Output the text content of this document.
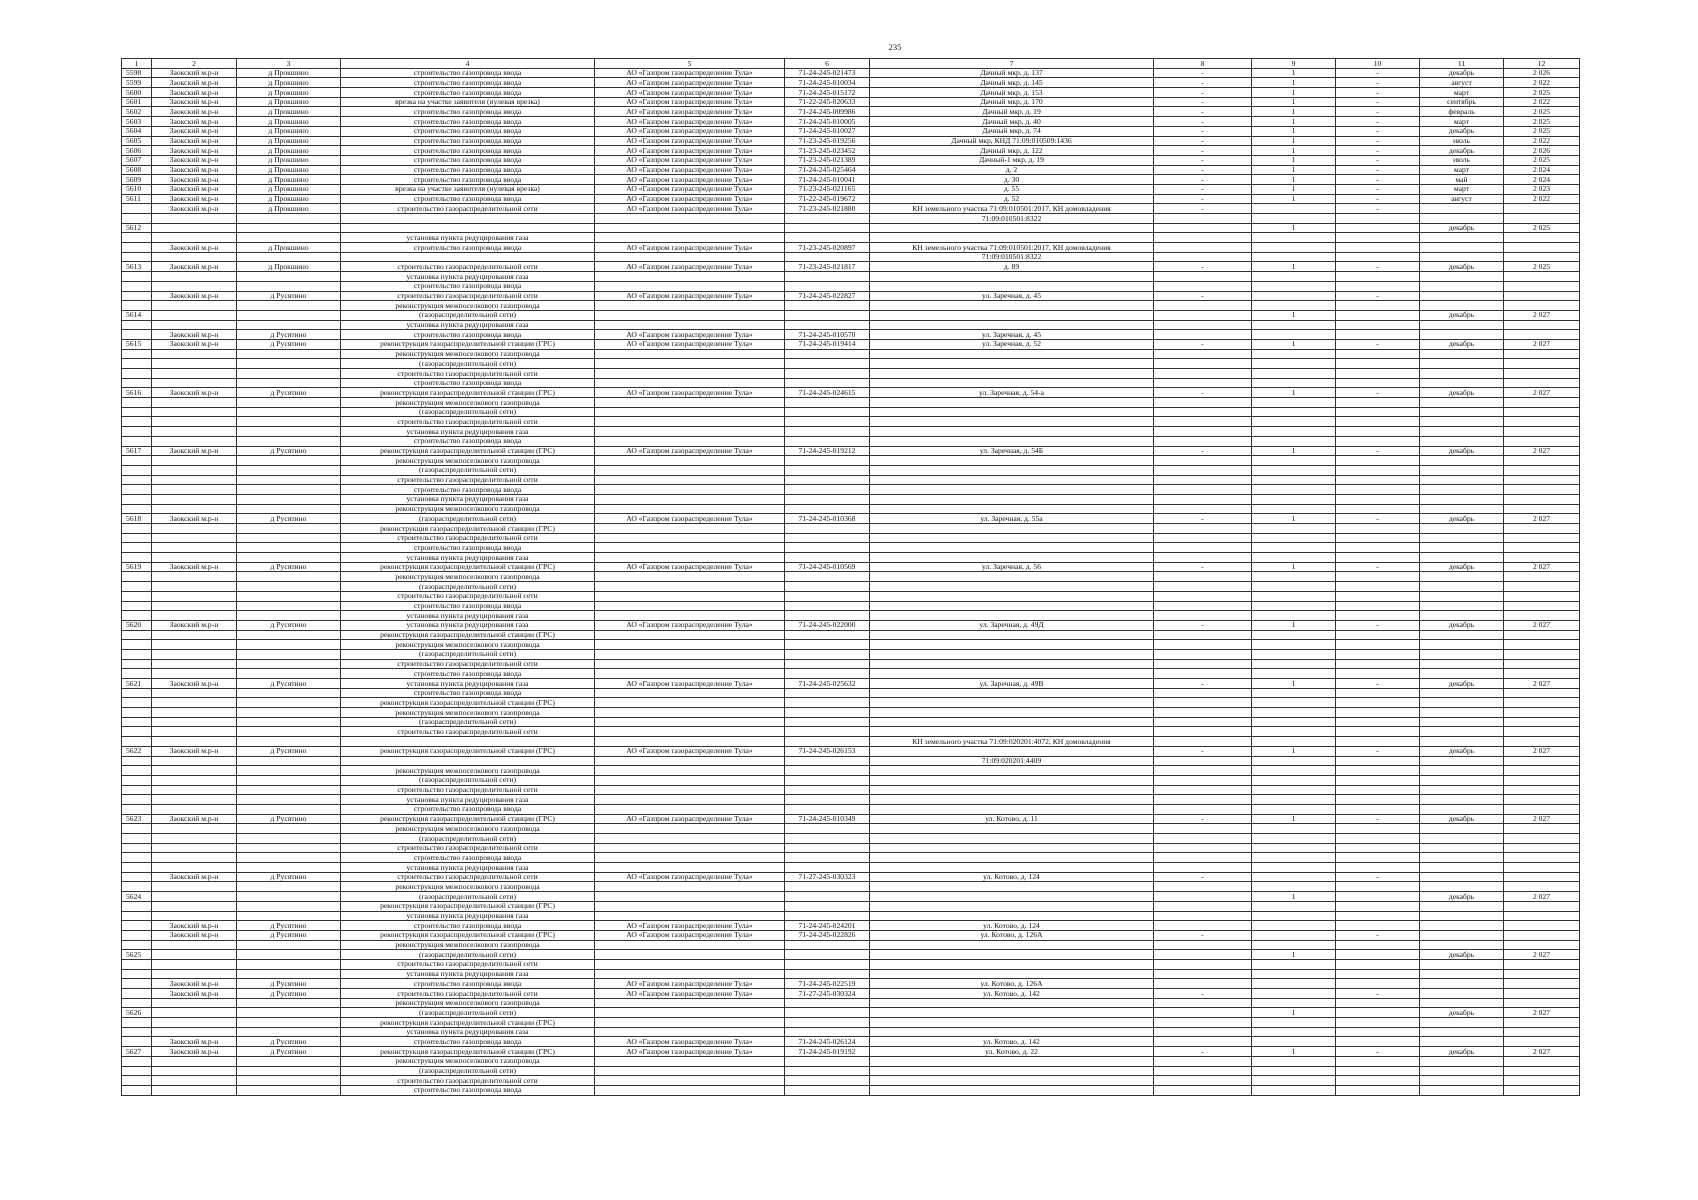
235
1	2	3	4	5	6	7	8	9	10	11	12
5598	Заокский м.р-н	д Прокшино	строительство газопровода ввода	АО «Газпром газораспределение Тула»	71-24-245-021473	Дачный мкр, д. 137	-	1	-	декабрь	2 026
5599	Заокский м.р-н	д Прокшино	строительство газопровода ввода	АО «Газпром газораспределение Тула»	71-24-245-010034	Дачный мкр, д. 145	-	1	-	август	2 022
5600	Заокский м.р-н	д Прокшино	строительство газопровода ввода	АО «Газпром газораспределение Тула»	71-24-245-015172	Дачный мкр, д. 153	-	1	-	март	2 025
5601	Заокский м.р-н	д Прокшино	врезка на участке заявителя (нулевая врезка)	АО «Газпром газораспределение Тула»	71-22-245-020633	Дачный мкр, д. 170	-	1	-	сентябрь	2 022
5602	Заокский м.р-н	д Прокшино	строительство газопровода ввода	АО «Газпром газораспределение Тула»	71-24-245-009986	Дачный мкр, д. 19	-	1	-	февраль	2 025
5603	Заокский м.р-н	д Прокшино	строительство газопровода ввода	АО «Газпром газораспределение Тула»	71-24-245-010005	Дачный мкр, д. 40	-	1	-	март	2 025
5604	Заокский м.р-н	д Прокшино	строительство газопровода ввода	АО «Газпром газораспределение Тула»	71-24-245-010027	Дачный мкр, д. 74	-	1	-	декабрь	2 025
5605	Заокский м.р-н	д Прокшино	строительство газопровода ввода	АО «Газпром газораспределение Тула»	71-23-245-019256	Дачный мкр, КНД 71:09:010509:1436	-	1	-	июль	2 022
5606	Заокский м.р-н	д Прокшино	строительство газопровода ввода	АО «Газпром газораспределение Тула»	71-23-245-023452	Дачный мкр, д. 122	-	1	-	декабрь	2 026
5607	Заокский м.р-н	д Прокшино	строительство газопровода ввода	АО «Газпром газораспределение Тула»	71-23-245-021389	Дачный-1 мкр, д. 19	-	1	-	июль	2 025
5608	Заокский м.р-н	д Прокшино	строительство газопровода ввода	АО «Газпром газораспределение Тула»	71-24-245-025464	д. 2	-	1	-	март	2 024
5609	Заокский м.р-н	д Прокшино	строительство газопровода ввода	АО «Газпром газораспределение Тула»	71-24-245-010041	д. 30	-	1	-	май	2 024
5610	Заокский м.р-н	д Прокшино	врезка на участке заявителя (нулевая врезка)	АО «Газпром газораспределение Тула»	71-23-245-021165	д. 55	-	1	-	март	2 023
5611	Заокский м.р-н	д Прокшино	строительство газопровода ввода	АО «Газпром газораспределение Тула»	71-22-245-019672	д. 52	-	1	-	август	2 022
	Заокский м.р-н	д Прокшино	строительство газораспределительной сети	АО «Газпром газораспределение Тула»	71-23-245-021880	КН земельного участка 71:09:010501:2017, КН домовладения	-		-		
						71:09:010501:8322					
5612								1		декабрь	2 025
			установка пункта редуцирования газа								
	Заокский м.р-н	д Прокшино	строительство газопровода ввода	АО «Газпром газораспределение Тула»	71-23-245-020897	КН земельного участка 71:09:010501:2017, КН домовладения					
						71:09:010501:8322					
5613	Заокский м.р-н	д Прокшино	строительство газораспределительной сети	АО «Газпром газораспределение Тула»	71-23-245-021817	д. 89	-	1	-	декабрь	2 025
			установка пункта редуцирования газа								
			строительство газопровода ввода								
	Заокский м.р-н	д Русятино	строительство газораспределительной сети	АО «Газпром газораспределение Тула»	71-24-245-022827	ул. Заречная, д. 45	-		-		
			реконструкция межпоселкового газопровода								
5614			(газораспределительной сети)					1		декабрь	2 027
			установка пункта редуцирования газа								
	Заокский м.р-н	д Русятино	строительство газопровода ввода	АО «Газпром газораспределение Тула»	71-24-245-010570	ул. Заречная, д. 45					
5615	Заокский м.р-н	д Русятино	реконструкция газораспределительной станции (ГРС)	АО «Газпром газораспределение Тула»	71-24-245-019414	ул. Заречная, д. 52	-	1	-	декабрь	2 027
			реконструкция межпоселкового газопровода								
			(газораспределительной сети)								
			строительство газораспределительной сети								
			строительство газопровода ввода								
5616	Заокский м.р-н	д Русятино	реконструкция газораспределительной станции (ГРС)	АО «Газпром газораспределение Тула»	71-24-245-024615	ул. Заречная, д. 54-а	-	1	-	декабрь	2 027
			реконструкция межпоселкового газопровода								
			(газораспределительной сети)								
			строительство газораспределительной сети								
			установка пункта редуцирования газа								
			строительство газопровода ввода								
5617	Заокский м.р-н	д Русятино	реконструкция газораспределительной станции (ГРС)	АО «Газпром газораспределение Тула»	71-24-245-019212	ул. Заречная, д. 54Б	-	1	-	декабрь	2 027
			реконструкция межпоселкового газопровода								
			(газораспределительной сети)								
			строительство газораспределительной сети								
			строительство газопровода ввода								
			установка пункта редуцирования газа								
			реконструкция межпоселкового газопровода								
5618	Заокский м.р-н	д Русятино	(газораспределительной сети)	АО «Газпром газораспределение Тула»	71-24-245-010368	ул. Заречная, д. 55а	-	1	-	декабрь	2 027
			реконструкция газораспределительной станции (ГРС)								
			строительство газораспределительной сети								
			строительство газопровода ввода								
			установка пункта редуцирования газа								
5619	Заокский м.р-н	д Русятино	реконструкция газораспределительной станции (ГРС)	АО «Газпром газораспределение Тула»	71-24-245-010569	ул. Заречная, д. 56	-	1	-	декабрь	2 027
			реконструкция межпоселкового газопровода								
			(газораспределительной сети)								
			строительство газораспределительной сети								
			строительство газопровода ввода								
			установка пункта редуцирования газа								
5620	Заокский м.р-н	д Русятино	установка пункта редуцирования газа	АО «Газпром газораспределение Тула»	71-24-245-022000	ул. Заречная, д. 49Д	-	1	-	декабрь	2 027
			реконструкция газораспределительной станции (ГРС)								
			реконструкция межпоселкового газопровода								
			(газораспределительной сети)								
			строительство газораспределительной сети								
			строительство газопровода ввода								
5621	Заокский м.р-н	д Русятино	установка пункта редуцирования газа	АО «Газпром газораспределение Тула»	71-24-245-025632	ул. Заречная, д. 49В	-	1	-	декабрь	2 027
			строительство газопровода ввода								
			реконструкция газораспределительной станции (ГРС)								
			реконструкция межпоселкового газопровода								
			(газораспределительной сети)								
			строительство газораспределительной сети								
						КН земельного участка 71:09:020201:4072, КН домовладения					
5622	Заокский м.р-н	д Русятино	реконструкция газораспределительной станции (ГРС)	АО «Газпром газораспределение Тула»	71-24-245-026153		-	1	-	декабрь	2 027
						71:09:020201:4409					
			реконструкция межпоселкового газопровода								
			(газораспределительной сети)								
			строительство газораспределительной сети								
			установка пункта редуцирования газа								
			строительство газопровода ввода								
5623	Заокский м.р-н	д Русятино	реконструкция газораспределительной станции (ГРС)	АО «Газпром газораспределение Тула»	71-24-245-010349	ул. Котово, д. 11	-	1	-	декабрь	2 027
			реконструкция межпоселкового газопровода								
			(газораспределительной сети)								
			строительство газораспределительной сети								
			строительство газопровода ввода								
			установка пункта редуцирования газа								
	Заокский м.р-н	д Русятино	строительство газораспределительной сети	АО «Газпром газораспределение Тула»	71-27-245-030323	ул. Котово, д. 124	-		-		
			реконструкция межпоселкового газопровода								
5624			(газораспределительной сети)					1		декабрь	2 027
			реконструкция газораспределительной станции (ГРС)								
			установка пункта редуцирования газа								
	Заокский м.р-н	д Русятино	строительство газопровода ввода	АО «Газпром газораспределение Тула»	71-24-245-024201	ул. Котово, д. 124					
	Заокский м.р-н	д Русятино	реконструкция газораспределительной станции (ГРС)	АО «Газпром газораспределение Тула»	71-24-245-022826	ул. Котово, д. 126А	-		-		
			реконструкция межпоселкового газопровода								
5625			(газораспределительной сети)					1		декабрь	2 027
			строительство газораспределительной сети								
			установка пункта редуцирования газа								
	Заокский м.р-н	д Русятино	строительство газопровода ввода	АО «Газпром газораспределение Тула»	71-24-245-022519	ул. Котово, д. 126А					
	Заокский м.р-н	д Русятино	строительство газораспределительной сети	АО «Газпром газораспределение Тула»	71-27-245-030324	ул. Котово, д. 142	-		-		
			реконструкция межпоселкового газопровода								
5626			(газораспределительной сети)					1		декабрь	2 027
			реконструкция газораспределительной станции (ГРС)								
			установка пункта редуцирования газа								
	Заокский м.р-н	д Русятино	строительство газопровода ввода	АО «Газпром газораспределение Тула»	71-24-245-026124	ул. Котово, д. 142					
5627	Заокский м.р-н	д Русятино	реконструкция газораспределительной станции (ГРС)	АО «Газпром газораспределение Тула»	71-24-245-019192	ул. Котово, д. 22	-	1	-	декабрь	2 027
			реконструкция межпоселкового газопровода								
			(газораспределительной сети)								
			строительство газораспределительной сети								
			строительство газопровода ввода								
